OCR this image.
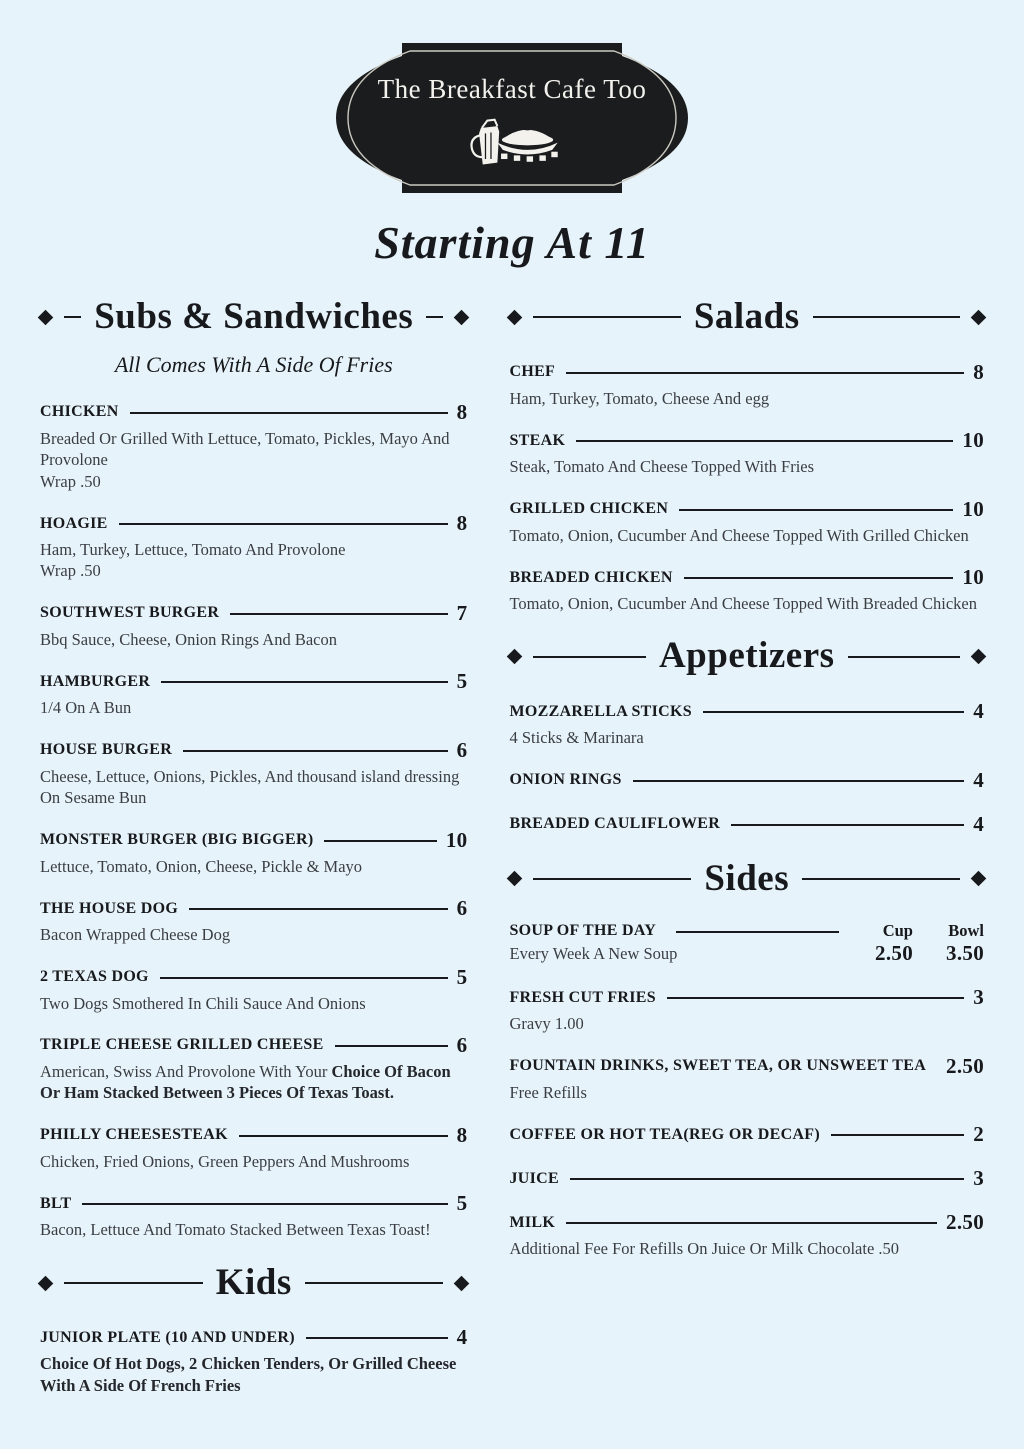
The Breakfast Cafe Too
Starting At 11
Subs & Sandwiches

All Comes With A Side Of Fries

CHICKEN	8

Breaded Or Grilled With Lettuce, Tomato, Pickles, Mayo And Provolone

Wrap .50

HOAGIE	8

Ham, Turkey, Lettuce, Tomato And Provolone

Wrap .50

SOUTHWEST BURGER	7

Bbq Sauce, Cheese, Onion Rings And Bacon

HAMBURGER	5

1/4 On A Bun

HOUSE BURGER	6

Cheese, Lettuce, Onions, Pickles, And thousand island dressing On Sesame Bun

MONSTER BURGER (BIG BIGGER)	10

Lettuce, Tomato, Onion, Cheese, Pickle & Mayo

THE HOUSE DOG	6

Bacon Wrapped Cheese Dog

2 TEXAS DOG	5

Two Dogs Smothered In Chili Sauce And Onions

TRIPLE CHEESE GRILLED CHEESE	6

American, Swiss And Provolone With Your Choice Of Bacon Or Ham Stacked Between 3 Pieces Of Texas Toast.

PHILLY CHEESESTEAK	8

Chicken, Fried Onions, Green Peppers And Mushrooms

BLT	5

Bacon, Lettuce And Tomato Stacked Between Texas Toast!

Kids
JUNIOR PLATE (10 AND UNDER)	4

Choice Of Hot Dogs, 2 Chicken Tenders, Or Grilled Cheese With A Side Of French Fries

Salads
CHEF	8

Ham, Turkey, Tomato, Cheese And egg

STEAK	10

Steak, Tomato And Cheese Topped With Fries

GRILLED CHICKEN	10

Tomato, Onion, Cucumber And Cheese Topped With Grilled Chicken

BREADED CHICKEN	10

Tomato, Onion, Cucumber And Cheese Topped With Breaded Chicken

Appetizers
MOZZARELLA STICKS	4

4 Sticks & Marinara

ONION RINGS	4
BREADED CAULIFLOWER	4
Sides
SOUP OF THE DAY	Cup	Bowl

Every Week A New Soup	2.50	3.50
FRESH CUT FRIES	3

Gravy 1.00

FOUNTAIN DRINKS, SWEET TEA, OR UNSWEET TEA 2.50

Free Refills

COFFEE OR HOT TEA(REG OR DECAF)	2
JUICE	3
MILK	2.50

Additional Fee For Refills On Juice Or Milk Chocolate .50
